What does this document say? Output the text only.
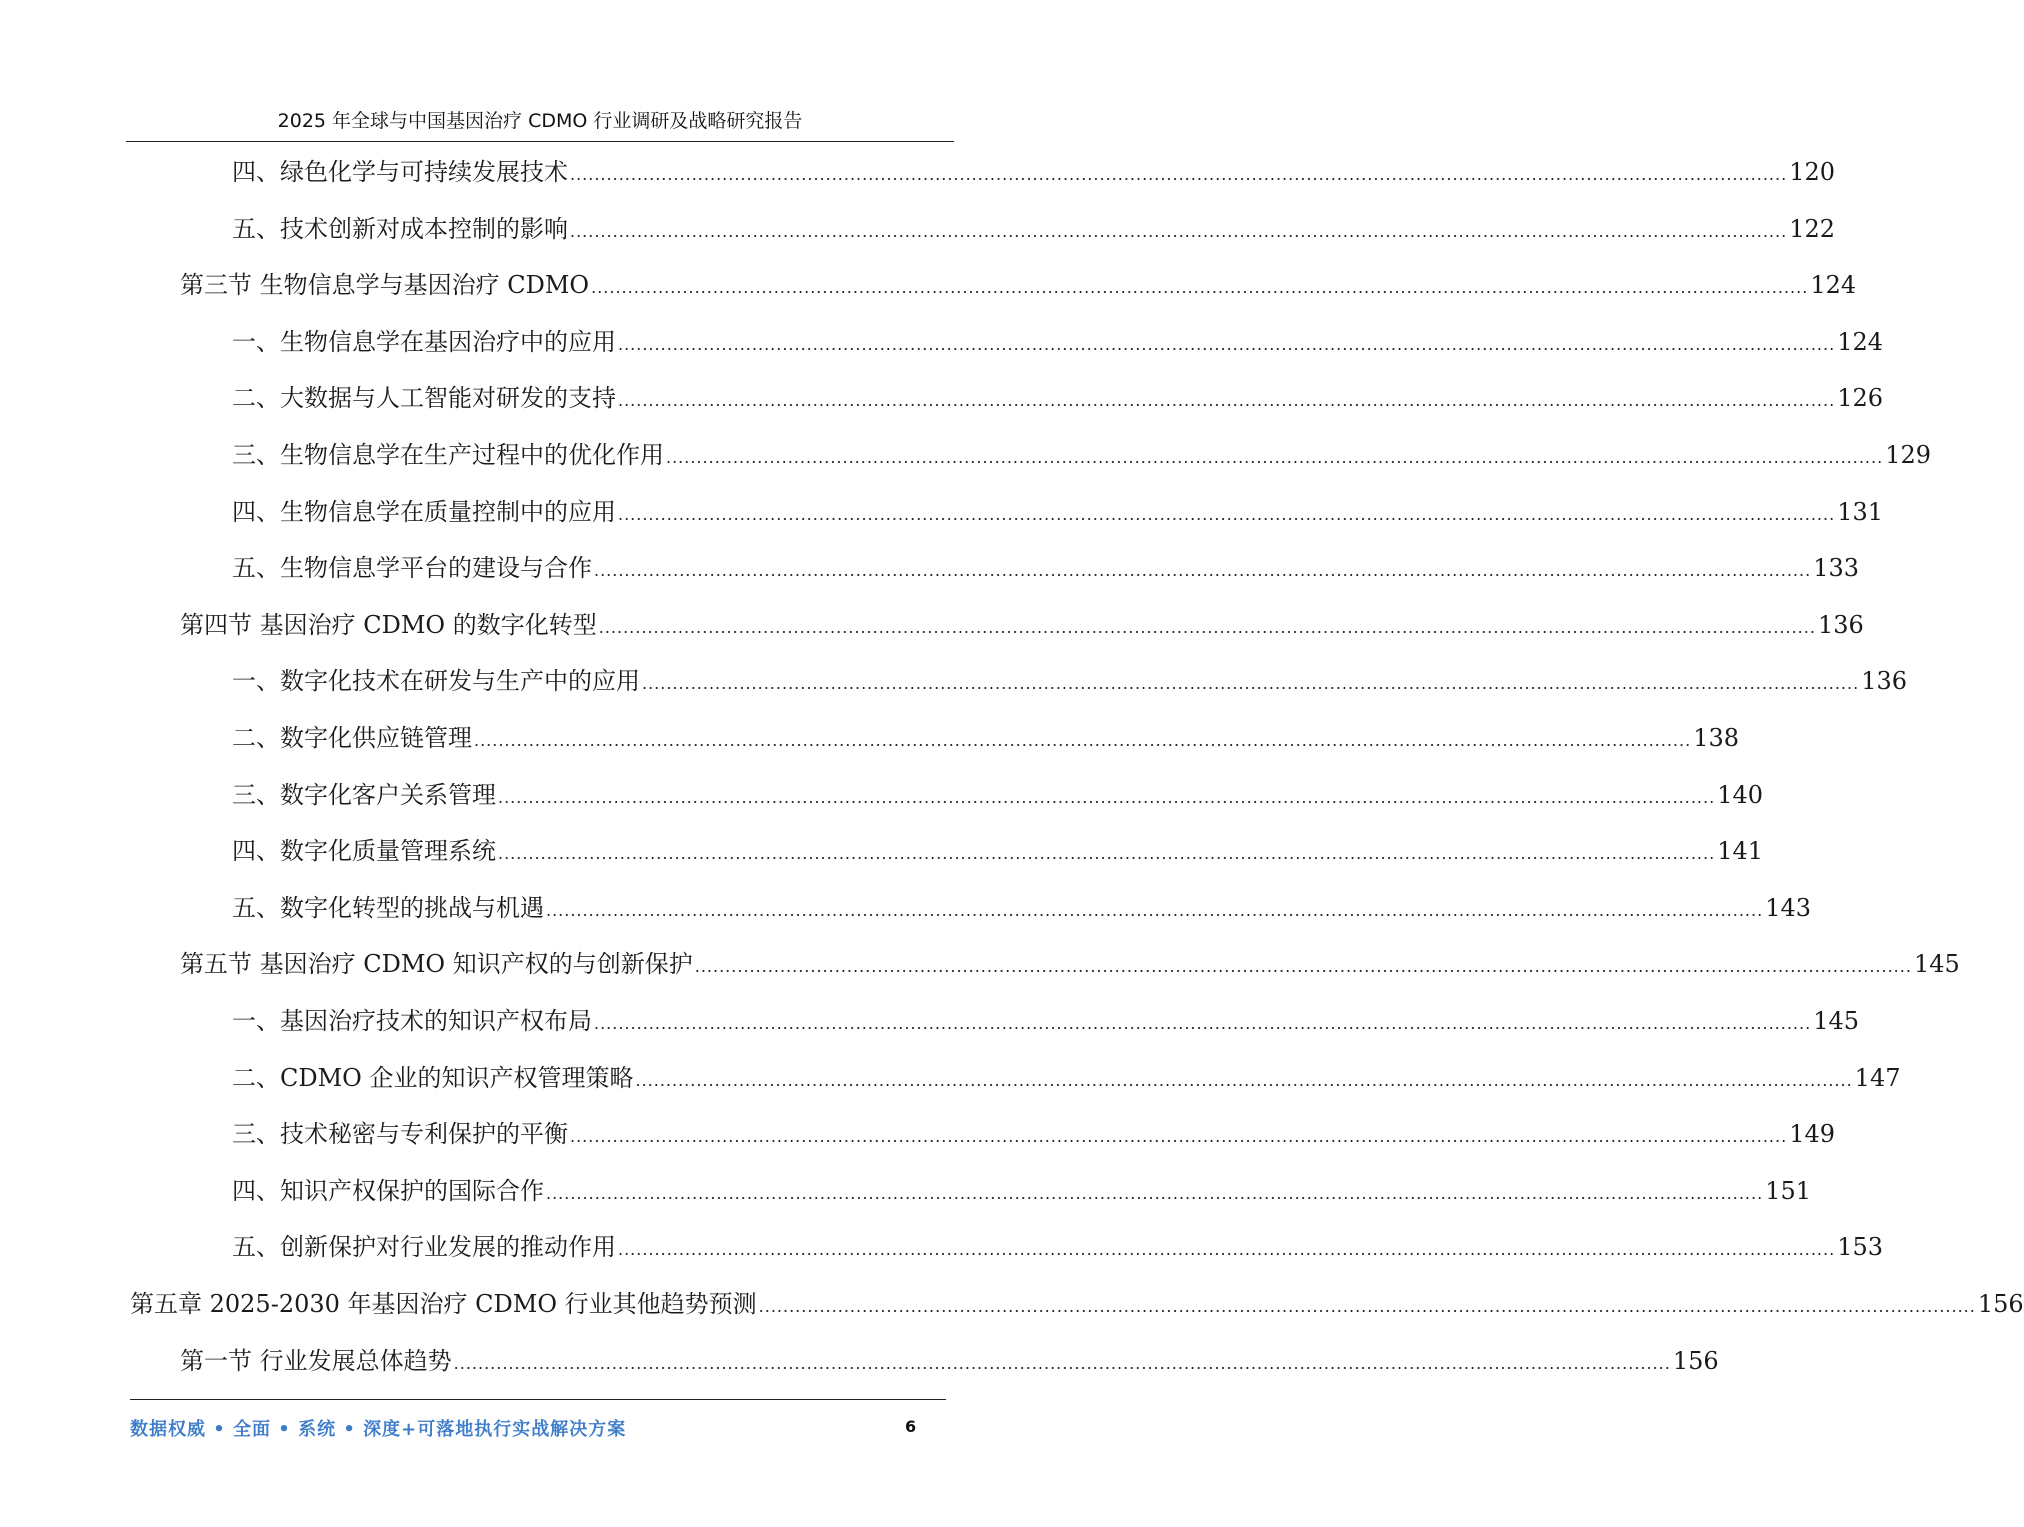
2025 年全球与中国基因治疗 CDMO 行业调研及战略研究报告
四、绿色化学与可持续发展技术 ........................................................................................................................................................................................................ 120
五、技术创新对成本控制的影响 ........................................................................................................................................................................................................ 122
第三节 生物信息学与基因治疗 CDMO ........................................................................................................................................................................................................ 124
一、生物信息学在基因治疗中的应用 ........................................................................................................................................................................................................ 124
二、大数据与人工智能对研发的支持 ........................................................................................................................................................................................................ 126
三、生物信息学在生产过程中的优化作用 ........................................................................................................................................................................................................ 129
四、生物信息学在质量控制中的应用 ........................................................................................................................................................................................................ 131
五、生物信息学平台的建设与合作 ........................................................................................................................................................................................................ 133
第四节 基因治疗 CDMO 的数字化转型 ........................................................................................................................................................................................................ 136
一、数字化技术在研发与生产中的应用 ........................................................................................................................................................................................................ 136
二、数字化供应链管理 ........................................................................................................................................................................................................ 138
三、数字化客户关系管理 ........................................................................................................................................................................................................ 140
四、数字化质量管理系统 ........................................................................................................................................................................................................ 141
五、数字化转型的挑战与机遇 ........................................................................................................................................................................................................ 143
第五节 基因治疗 CDMO 知识产权的与创新保护 ........................................................................................................................................................................................................ 145
一、基因治疗技术的知识产权布局 ........................................................................................................................................................................................................ 145
二、CDMO 企业的知识产权管理策略 ........................................................................................................................................................................................................ 147
三、技术秘密与专利保护的平衡 ........................................................................................................................................................................................................ 149
四、知识产权保护的国际合作 ........................................................................................................................................................................................................ 151
五、创新保护对行业发展的推动作用 ........................................................................................................................................................................................................ 153
第五章 2025-2030 年基因治疗 CDMO 行业其他趋势预测 ........................................................................................................................................................................................................ 156
第一节 行业发展总体趋势 ........................................................................................................................................................................................................ 156
数据权威 • 全面 • 系统 • 深度+可落地执行实战解决方案	6
